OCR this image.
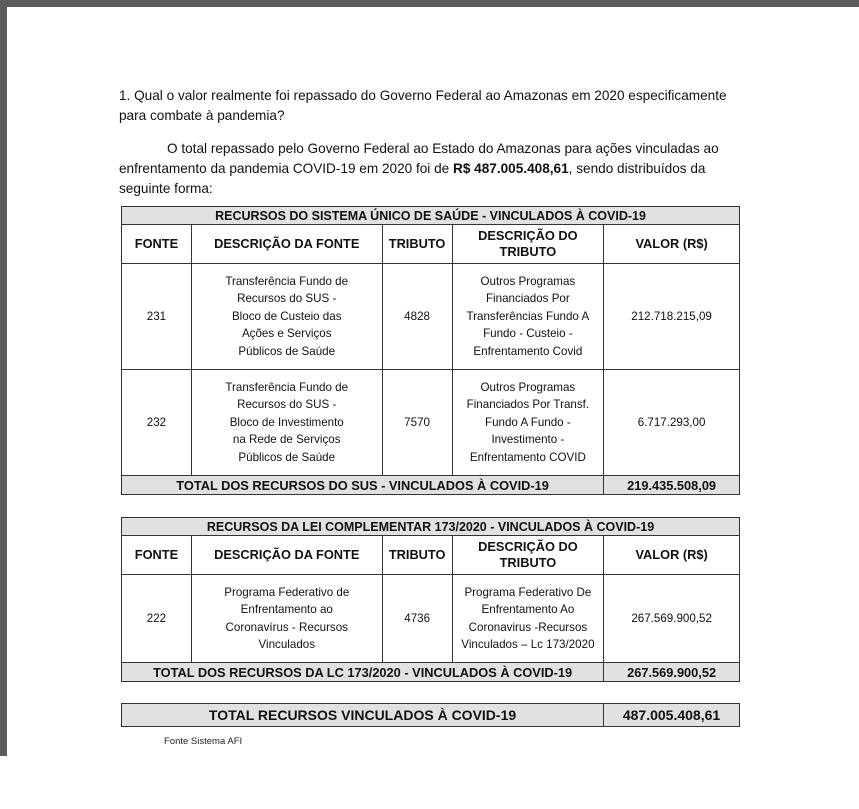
1. Qual o valor realmente foi repassado do Governo Federal ao Amazonas em 2020 especificamente para combate à pandemia?

O total repassado pelo Governo Federal ao Estado do Amazonas para ações vinculadas ao enfrentamento da pandemia COVID-19 em 2020 foi de R$ 487.005.408,61, sendo distribuídos da seguinte forma:

RECURSOS DO SISTEMA ÚNICO DE SAÚDE - VINCULADOS À COVID-19				
FONTE	DESCRIÇÃO DA FONTE	TRIBUTO	DESCRIÇÃO DO TRIBUTO	VALOR (R$)
231	Transferência Fundo de Recursos do SUS - Bloco de Custeio das Ações e Serviços Públicos de Saúde	4828	Outros Programas Financiados Por Transferências Fundo A Fundo - Custeio - Enfrentamento Covid	212.718.215,09
232	Transferência Fundo de Recursos do SUS - Bloco de Investimento na Rede de Serviços Públicos de Saúde	7570	Outros Programas Financiados Por Transf. Fundo A Fundo - Investimento - Enfrentamento COVID	6.717.293,00
TOTAL DOS RECURSOS DO SUS - VINCULADOS À COVID-19				219.435.508,09
RECURSOS DA LEI COMPLEMENTAR 173/2020 - VINCULADOS À COVID-19				
FONTE	DESCRIÇÃO DA FONTE	TRIBUTO	DESCRIÇÃO DO TRIBUTO	VALOR (R$)
222	Programa Federativo de Enfrentamento ao Coronavírus - Recursos Vinculados	4736	Programa Federativo De Enfrentamento Ao Coronavirus -Recursos Vinculados – Lc 173/2020	267.569.900,52
TOTAL DOS RECURSOS DA LC 173/2020 - VINCULADOS À COVID-19				267.569.900,52
TOTAL RECURSOS VINCULADOS À COVID-19	487.005.408,61
Fonte Sistema AFI
